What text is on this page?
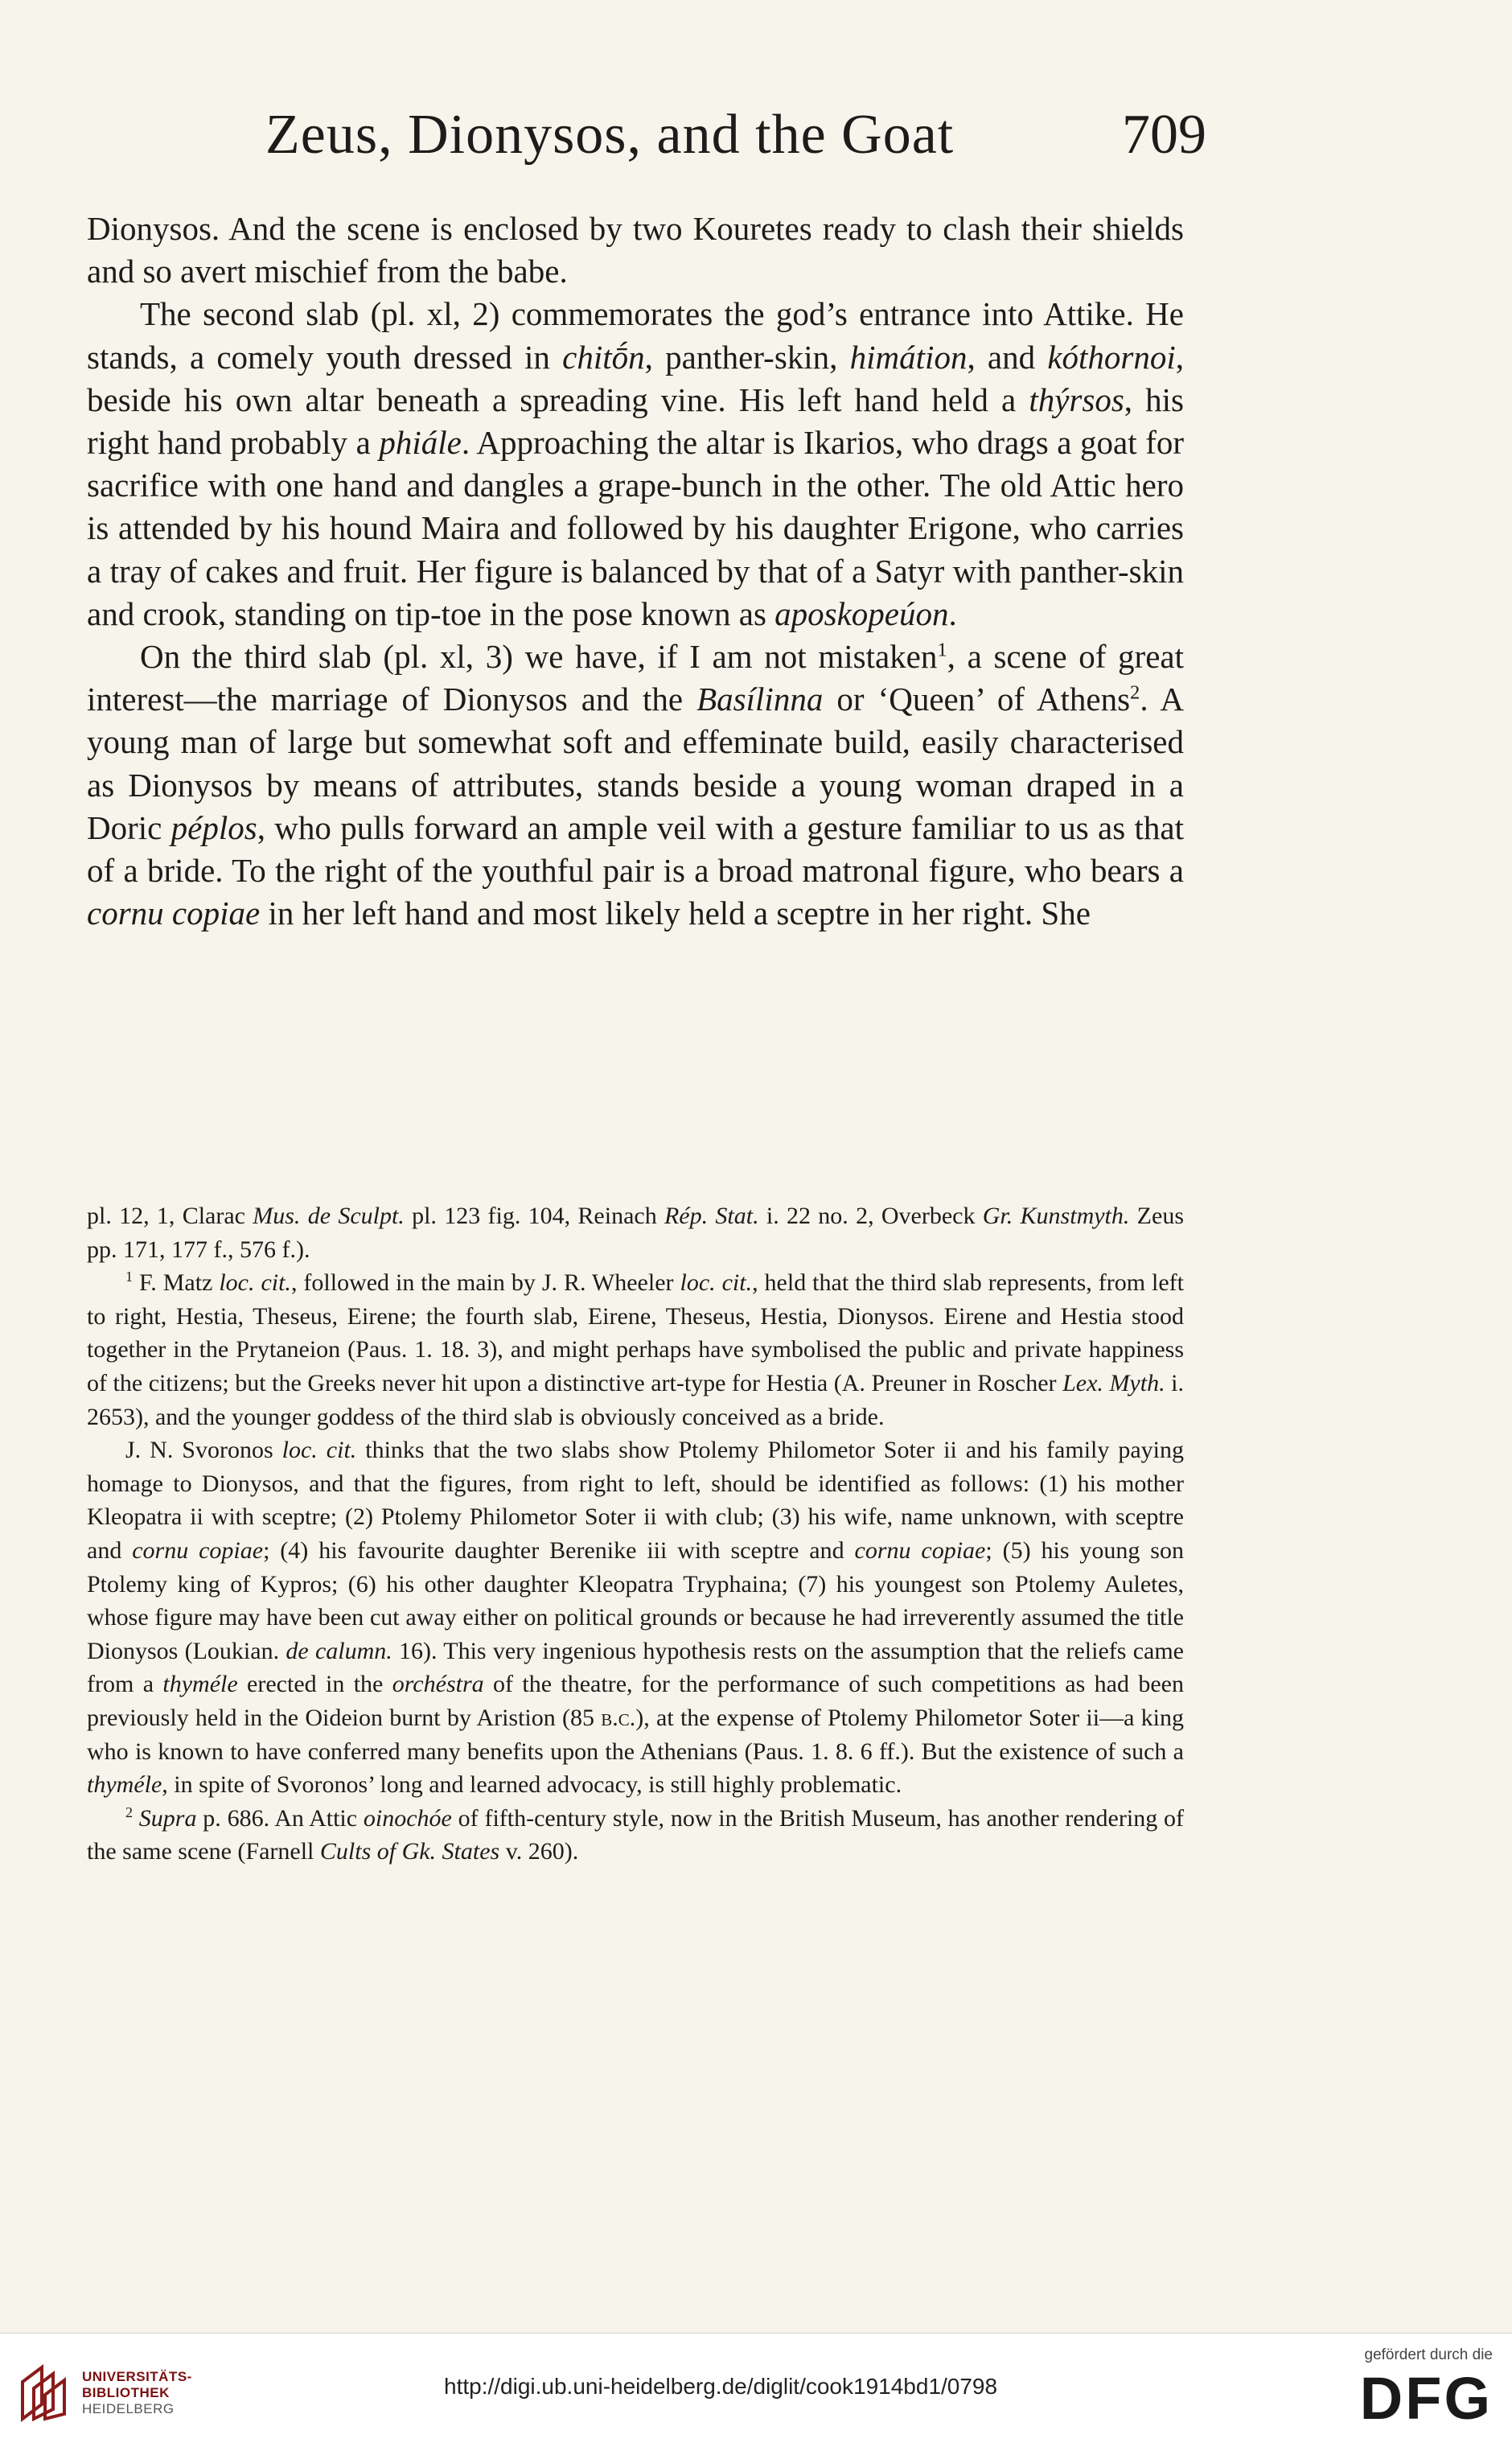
Zeus, Dionysos, and the Goat	709

Dionysos. And the scene is enclosed by two Kouretes ready to clash their shields and so avert mischief from the babe.

The second slab (pl. xl, 2) commemorates the god’s entrance into Attike. He stands, a comely youth dressed in chitṓn, panther-skin, himátion, and kóthornoi, beside his own altar beneath a spreading vine. His left hand held a thýrsos, his right hand probably a phiále. Approaching the altar is Ikarios, who drags a goat for sacrifice with one hand and dangles a grape-bunch in the other. The old Attic hero is attended by his hound Maira and followed by his daughter Erigone, who carries a tray of cakes and fruit. Her figure is balanced by that of a Satyr with panther-skin and crook, standing on tip-toe in the pose known as aposkopeúon.

On the third slab (pl. xl, 3) we have, if I am not mistaken$^1$, a scene of great interest—the marriage of Dionysos and the Basílinna or ‘Queen’ of Athens$^2$. A young man of large but somewhat soft and effeminate build, easily characterised as Dionysos by means of attributes, stands beside a young woman draped in a Doric péplos, who pulls forward an ample veil with a gesture familiar to us as that of a bride. To the right of the youthful pair is a broad matronal figure, who bears a cornu copiae in her left hand and most likely held a sceptre in her right. She

pl. 12, 1, Clarac Mus. de Sculpt. pl. 123 fig. 104, Reinach Rép. Stat. i. 22 no. 2, Overbeck Gr. Kunstmyth. Zeus pp. 171, 177 f., 576 f.).

$^1$ F. Matz loc. cit., followed in the main by J. R. Wheeler loc. cit., held that the third slab represents, from left to right, Hestia, Theseus, Eirene; the fourth slab, Eirene, Theseus, Hestia, Dionysos. Eirene and Hestia stood together in the Prytaneion (Paus. 1. 18. 3), and might perhaps have symbolised the public and private happiness of the citizens; but the Greeks never hit upon a distinctive art-type for Hestia (A. Preuner in Roscher Lex. Myth. i. 2653), and the younger goddess of the third slab is obviously conceived as a bride.

J. N. Svoronos loc. cit. thinks that the two slabs show Ptolemy Philometor Soter ii and his family paying homage to Dionysos, and that the figures, from right to left, should be identified as follows: (1) his mother Kleopatra ii with sceptre; (2) Ptolemy Philometor Soter ii with club; (3) his wife, name unknown, with sceptre and cornu copiae; (4) his favourite daughter Berenike iii with sceptre and cornu copiae; (5) his young son Ptolemy king of Kypros; (6) his other daughter Kleopatra Tryphaina; (7) his youngest son Ptolemy Auletes, whose figure may have been cut away either on political grounds or because he had irreverently assumed the title Dionysos (Loukian. de calumn. 16). This very ingenious hypothesis rests on the assumption that the reliefs came from a thyméle erected in the orchéstra of the theatre, for the performance of such competitions as had been previously held in the Oideion burnt by Aristion (85 b.c.), at the expense of Ptolemy Philometor Soter ii—a king who is known to have conferred many benefits upon the Athenians (Paus. 1. 8. 6 ff.). But the existence of such a thyméle, in spite of Svoronos’ long and learned advocacy, is still highly problematic.

$^2$ Supra p. 686. An Attic oinochóe of fifth-century style, now in the British Museum, has another rendering of the same scene (Farnell Cults of Gk. States v. 260).

UNIVERSITÄTS-
BIBLIOTHEK
HEIDELBERG
http://digi.ub.uni-heidelberg.de/diglit/cook1914bd1/0798
gefördert durch die
DFG
